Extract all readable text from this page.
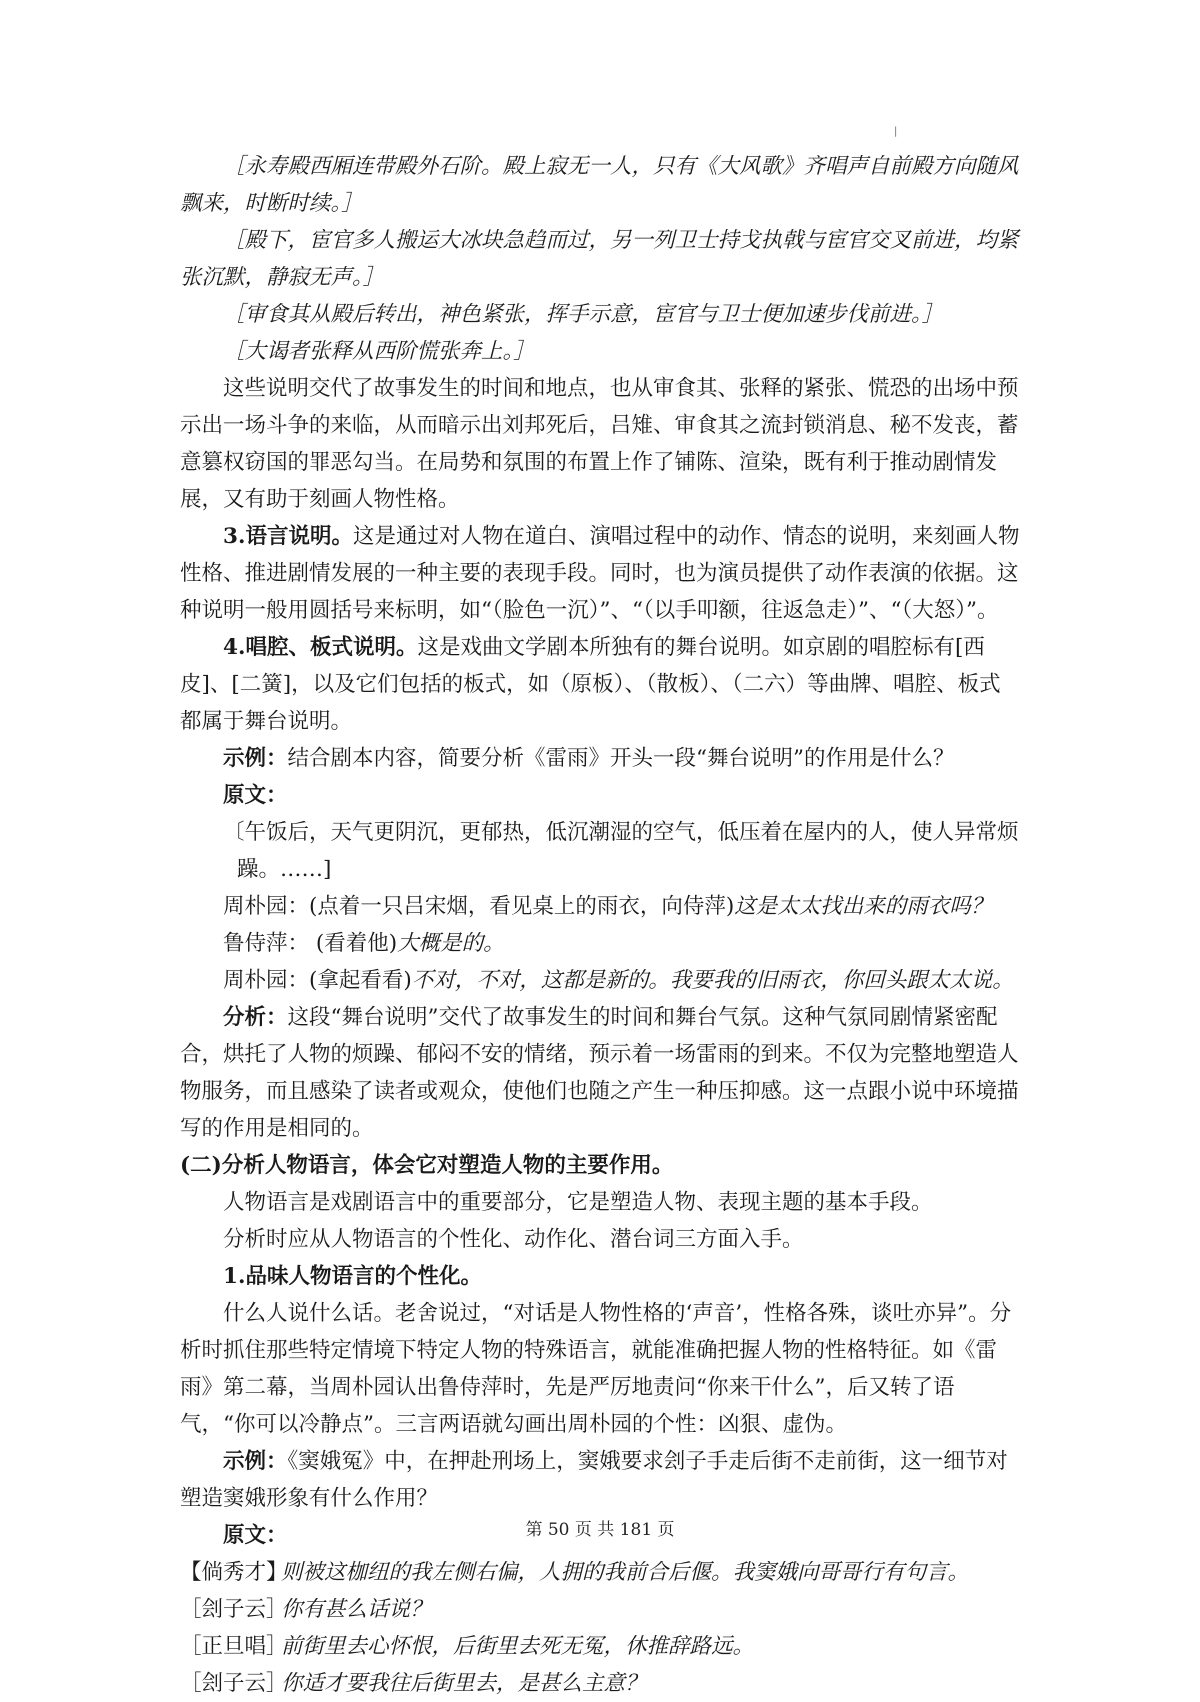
|

［永寿殿西厢连带殿外石阶。殿上寂无一人，只有《大风歌》齐唱声自前殿方向随风飘来，时断时续。］

［殿下，宦官多人搬运大冰块急趋而过，另一列卫士持戈执戟与宦官交叉前进，均紧张沉默，静寂无声。］

［审食其从殿后转出，神色紧张，挥手示意，宦官与卫士便加速步伐前进。］

［大谒者张释从西阶慌张奔上。］

这些说明交代了故事发生的时间和地点，也从审食其、张释的紧张、慌恐的出场中预示出一场斗争的来临，从而暗示出刘邦死后，吕雉、审食其之流封锁消息、秘不发丧，蓄意篡权窃国的罪恶勾当。在局势和氛围的布置上作了铺陈、渲染，既有利于推动剧情发展，又有助于刻画人物性格。

3.语言说明。这是通过对人物在道白、演唱过程中的动作、情态的说明，来刻画人物性格、推进剧情发展的一种主要的表现手段。同时，也为演员提供了动作表演的依据。这种说明一般用圆括号来标明，如“（脸色一沉）”、“（以手叩额，往返急走）”、“（大怒）”。

4.唱腔、板式说明。这是戏曲文学剧本所独有的舞台说明。如京剧的唱腔标有[西皮]、[二簧]，以及它们包括的板式，如（原板）、（散板）、（二六）等曲牌、唱腔、板式都属于舞台说明。

示例：结合剧本内容，简要分析《雷雨》开头一段“舞台说明”的作用是什么？

原文：

〔午饭后，天气更阴沉，更郁热，低沉潮湿的空气，低压着在屋内的人，使人异常烦

躁。……]

周朴园：(点着一只吕宋烟，看见桌上的雨衣，向侍萍)这是太太找出来的雨衣吗？

鲁侍萍： (看着他)大概是的。

周朴园：(拿起看看)不对，不对，这都是新的。我要我的旧雨衣，你回头跟太太说。

分析：这段“舞台说明”交代了故事发生的时间和舞台气氛。这种气氛同剧情紧密配合，烘托了人物的烦躁、郁闷不安的情绪，预示着一场雷雨的到来。不仅为完整地塑造人物服务，而且感染了读者或观众，使他们也随之产生一种压抑感。这一点跟小说中环境描写的作用是相同的。

(二)分析人物语言，体会它对塑造人物的主要作用。

人物语言是戏剧语言中的重要部分，它是塑造人物、表现主题的基本手段。

分析时应从人物语言的个性化、动作化、潜台词三方面入手。

1.品味人物语言的个性化。

什么人说什么话。老舍说过，“对话是人物性格的‘声音’，性格各殊，谈吐亦异”。分析时抓住那些特定情境下特定人物的特殊语言，就能准确把握人物的性格特征。如《雷雨》第二幕，当周朴园认出鲁侍萍时，先是严厉地责问“你来干什么”，后又转了语气，“你可以冷静点”。三言两语就勾画出周朴园的个性：凶狠、虚伪。

示例：《窦娥冤》中，在押赴刑场上，窦娥要求刽子手走后街不走前街，这一细节对塑造窦娥形象有什么作用？

原文：

【倘秀才】
则被这枷纽的我左侧右偏，人拥的我前合后偃。我窦娥向哥哥行有句言。
［刽子云］
你有甚么话说？
［正旦唱］
前街里去心怀恨，后街里去死无冤，休推辞路远。
［刽子云］
你适才要我往后街里去，是甚么主意？
第 50 页 共 181 页
